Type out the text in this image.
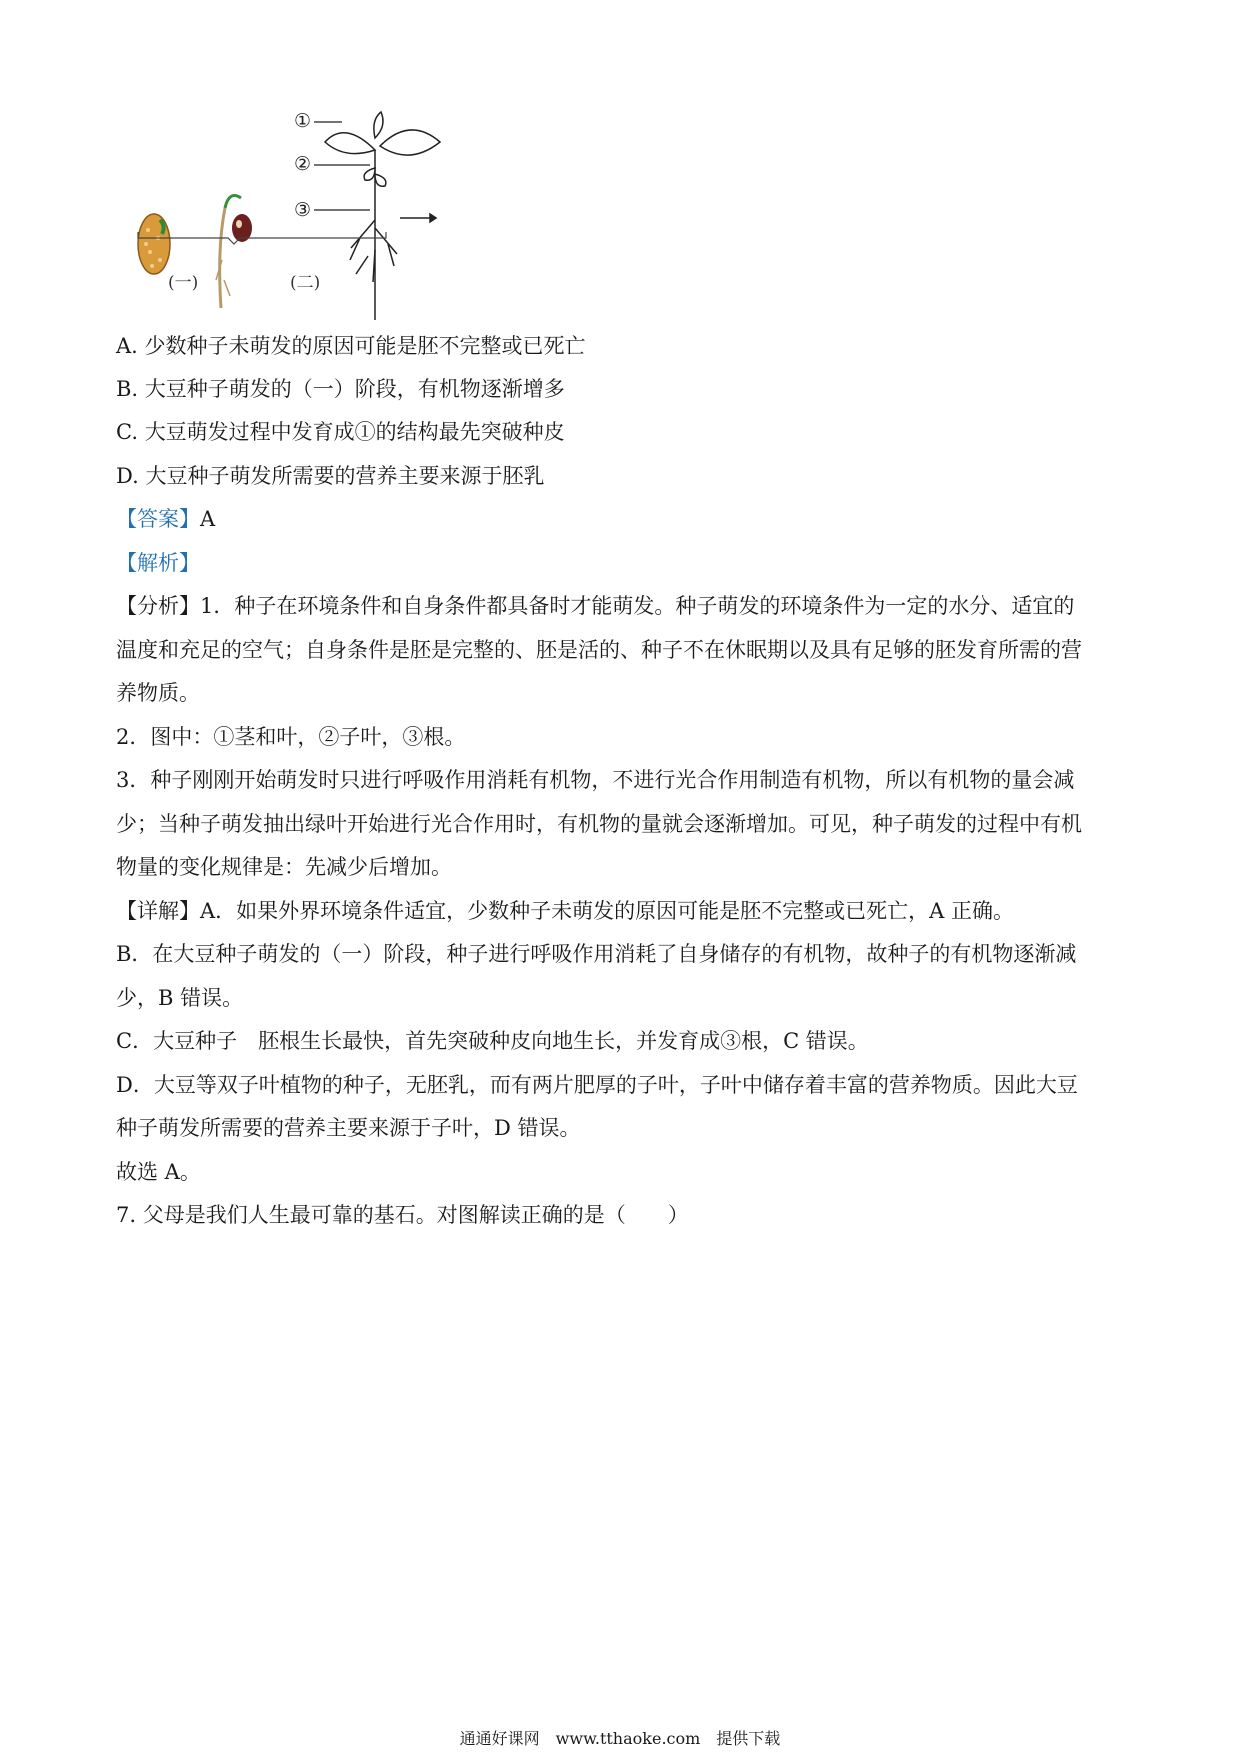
①
②
③
(一)	(二)
A. 少数种子未萌发的原因可能是胚不完整或已死亡
B. 大豆种子萌发的（一）阶段，有机物逐渐增多
C. 大豆萌发过程中发育成①的结构最先突破种皮
D. 大豆种子萌发所需要的营养主要来源于胚乳
【答案】A
【解析】
【分析】1．种子在环境条件和自身条件都具备时才能萌发。种子萌发的环境条件为一定的水分、适宜的
温度和充足的空气；自身条件是胚是完整的、胚是活的、种子不在休眠期以及具有足够的胚发育所需的营
养物质。
2．图中：①茎和叶，②子叶，③根。
3．种子刚刚开始萌发时只进行呼吸作用消耗有机物，不进行光合作用制造有机物，所以有机物的量会减
少；当种子萌发抽出绿叶开始进行光合作用时，有机物的量就会逐渐增加。可见，种子萌发的过程中有机
物量的变化规律是：先减少后增加。
【详解】A．如果外界环境条件适宜，少数种子未萌发的原因可能是胚不完整或已死亡，A 正确。
B．在大豆种子萌发的（一）阶段，种子进行呼吸作用消耗了自身储存的有机物，故种子的有机物逐渐减
少，B 错误。
C．大豆种子　胚根生长最快，首先突破种皮向地生长，并发育成③根，C 错误。
D．大豆等双子叶植物的种子，无胚乳，而有两片肥厚的子叶，子叶中储存着丰富的营养物质。因此大豆
种子萌发所需要的营养主要来源于子叶，D 错误。
故选 A。
7. 父母是我们人生最可靠的基石。对图解读正确的是（　　）
通通好课网　www.tthaoke.com　提供下载
